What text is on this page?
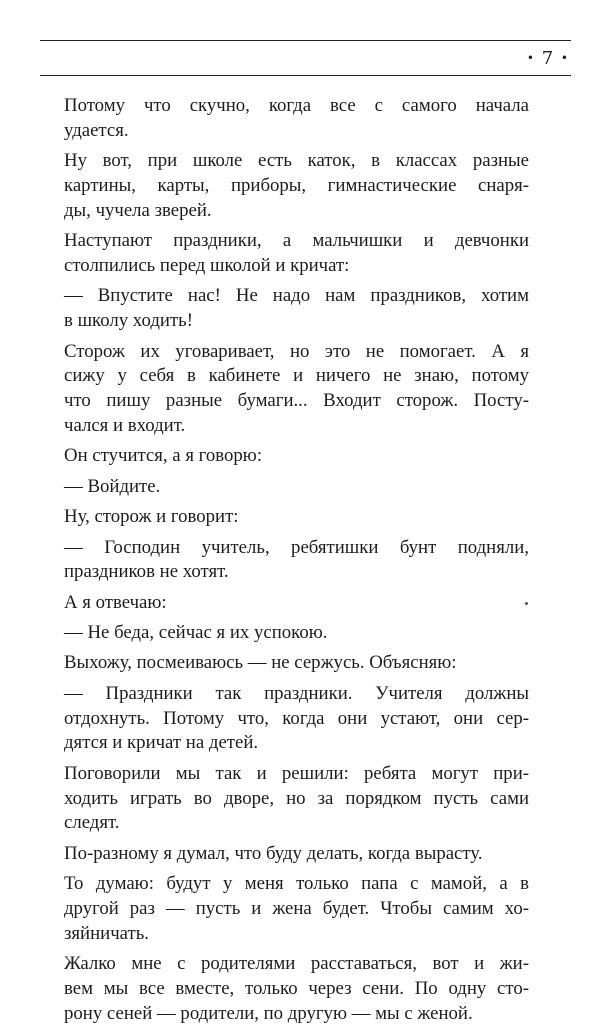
• 7 •
Потому что скучно, когда все с самого начала
удается.
Ну вот, при школе есть каток, в классах разные
картины, карты, приборы, гимнастические снаря-
ды, чучела зверей.
Наступают праздники, а мальчишки и девчонки
столпились перед школой и кричат:
— Впустите нас! Не надо нам праздников, хотим
в школу ходить!
Сторож их уговаривает, но это не помогает. А я
сижу у себя в кабинете и ничего не знаю, потому
что пишу разные бумаги... Входит сторож. Посту-
чался и входит.
Он стучится, а я говорю:
— Войдите.
Ну, сторож и говорит:
— Господин учитель, ребятишки бунт подняли,
праздников не хотят.
А я отвечаю:
— Не беда, сейчас я их успокою.
Выхожу, посмеиваюсь — не сержусь. Объясняю:
— Праздники так праздники. Учителя должны
отдохнуть. Потому что, когда они устают, они сер-
дятся и кричат на детей.
Поговорили мы так и решили: ребята могут при-
ходить играть во дворе, но за порядком пусть сами
следят.
По-разному я думал, что буду делать, когда вырасту.
То думаю: будут у меня только папа с мамой, а в
другой раз — пусть и жена будет. Чтобы самим хо-
зяйничать.
Жалко мне с родителями расставаться, вот и жи-
вем мы все вместе, только через сени. По одну сто-
рону сеней — родители, по другую — мы с женой.
